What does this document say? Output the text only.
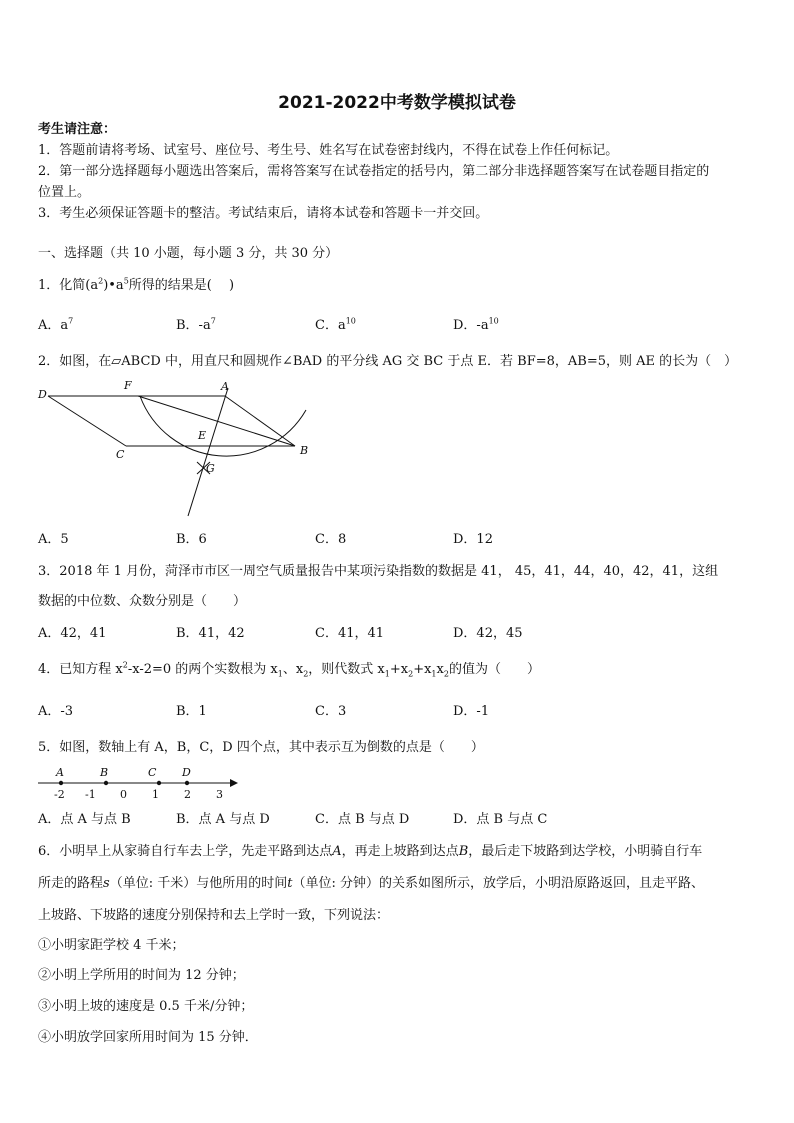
2021-2022中考数学模拟试卷
考生请注意：
1．答题前请将考场、试室号、座位号、考生号、姓名写在试卷密封线内，不得在试卷上作任何标记。
2．第一部分选择题每小题选出答案后，需将答案写在试卷指定的括号内，第二部分非选择题答案写在试卷题目指定的
位置上。
3．考生必须保证答题卡的整洁。考试结束后，请将本试卷和答题卡一并交回。
一、选择题（共 10 小题，每小题 3 分，共 30 分）
1．化简$(a^2)•a^5$所得的结果是(　 )
A．$a^7$	B．$-a^7$	C．$a^{10}$	D．$-a^{10}$
2．如图，在▱ABCD 中，用直尺和圆规作∠BAD 的平分线 AG 交 BC 于点 E．若 BF=8，AB=5，则 AE 的长为（　）
D
F	A
E
C	B
G
A．5	B．6	C．8	D．12
3．2018 年 1 月份，菏泽市市区一周空气质量报告中某项污染指数的数据是 41， 45，41，44，40，42，41，这组
数据的中位数、众数分别是（　　）
A．42，41	B．41，42	C．41，41	D．42，45
4．已知方程 $x^2-x-2=0$ 的两个实数根为 $x_1$、$x_2$，则代数式 $x_1+x_2+x_1x_2$的值为（　　）
A．-3	B．1	C．3	D．-1
5．如图，数轴上有 A，B，C，D 四个点，其中表示互为倒数的点是（　　）
A	B	C D
-2 -1 0 1 2 3
A．点 A 与点 B	B．点 A 与点 D	C．点 B 与点 D	D．点 B 与点 C
6．小明早上从家骑自行车去上学，先走平路到达点A，再走上坡路到达点B，最后走下坡路到达学校，小明骑自行车
所走的路程s（单位: 千米）与他所用的时间t（单位: 分钟）的关系如图所示，放学后，小明沿原路返回，且走平路、
上坡路、下坡路的速度分别保持和去上学时一致，下列说法：
①小明家距学校 4 千米；
②小明上学所用的时间为 12 分钟；
③小明上坡的速度是 0.5 千米/分钟；
④小明放学回家所用时间为 15 分钟．
